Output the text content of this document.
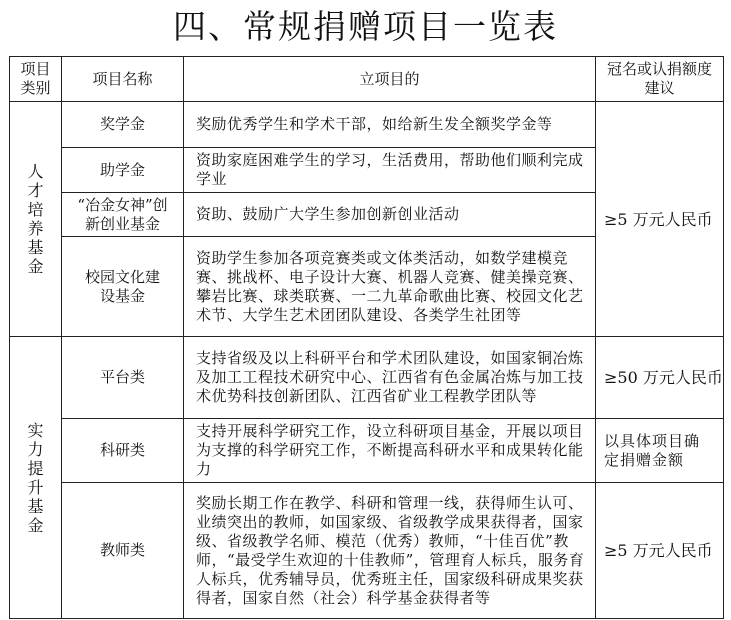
四、常规捐赠项目一览表
项目类别	项目名称	立项目的	冠名或认捐额度建议
人才培养基金	奖学金	奖励优秀学生和学术干部，如给新生发全额奖学金等	≥5 万元人民币
	助学金	资助家庭困难学生的学习，生活费用，帮助他们顺利完成学业	
	“冶金女神”创新创业基金	资助、鼓励广大学生参加创新创业活动	
	校园文化建设基金	资助学生参加各项竞赛类或文体类活动，如数学建模竞赛、挑战杯、电子设计大赛、机器人竞赛、健美操竞赛、攀岩比赛、球类联赛、一二九革命歌曲比赛、校园文化艺术节、大学生艺术团团队建设、各类学生社团等	
实力提升基金	平台类	支持省级及以上科研平台和学术团队建设，如国家铜冶炼及加工工程技术研究中心、江西省有色金属冶炼与加工技术优势科技创新团队、江西省矿业工程教学团队等	≥50 万元人民币
	科研类	支持开展科学研究工作，设立科研项目基金，开展以项目为支撑的科学研究工作，不断提高科研水平和成果转化能力	以具体项目确定捐赠金额
	教师类	奖励长期工作在教学、科研和管理一线，获得师生认可、业绩突出的教师，如国家级、省级教学成果获得者，国家级、省级教学名师、模范（优秀）教师，“十佳百优”教师，“最受学生欢迎的十佳教师”，管理育人标兵，服务育人标兵，优秀辅导员，优秀班主任，国家级科研成果奖获得者，国家自然（社会）科学基金获得者等	≥5 万元人民币
